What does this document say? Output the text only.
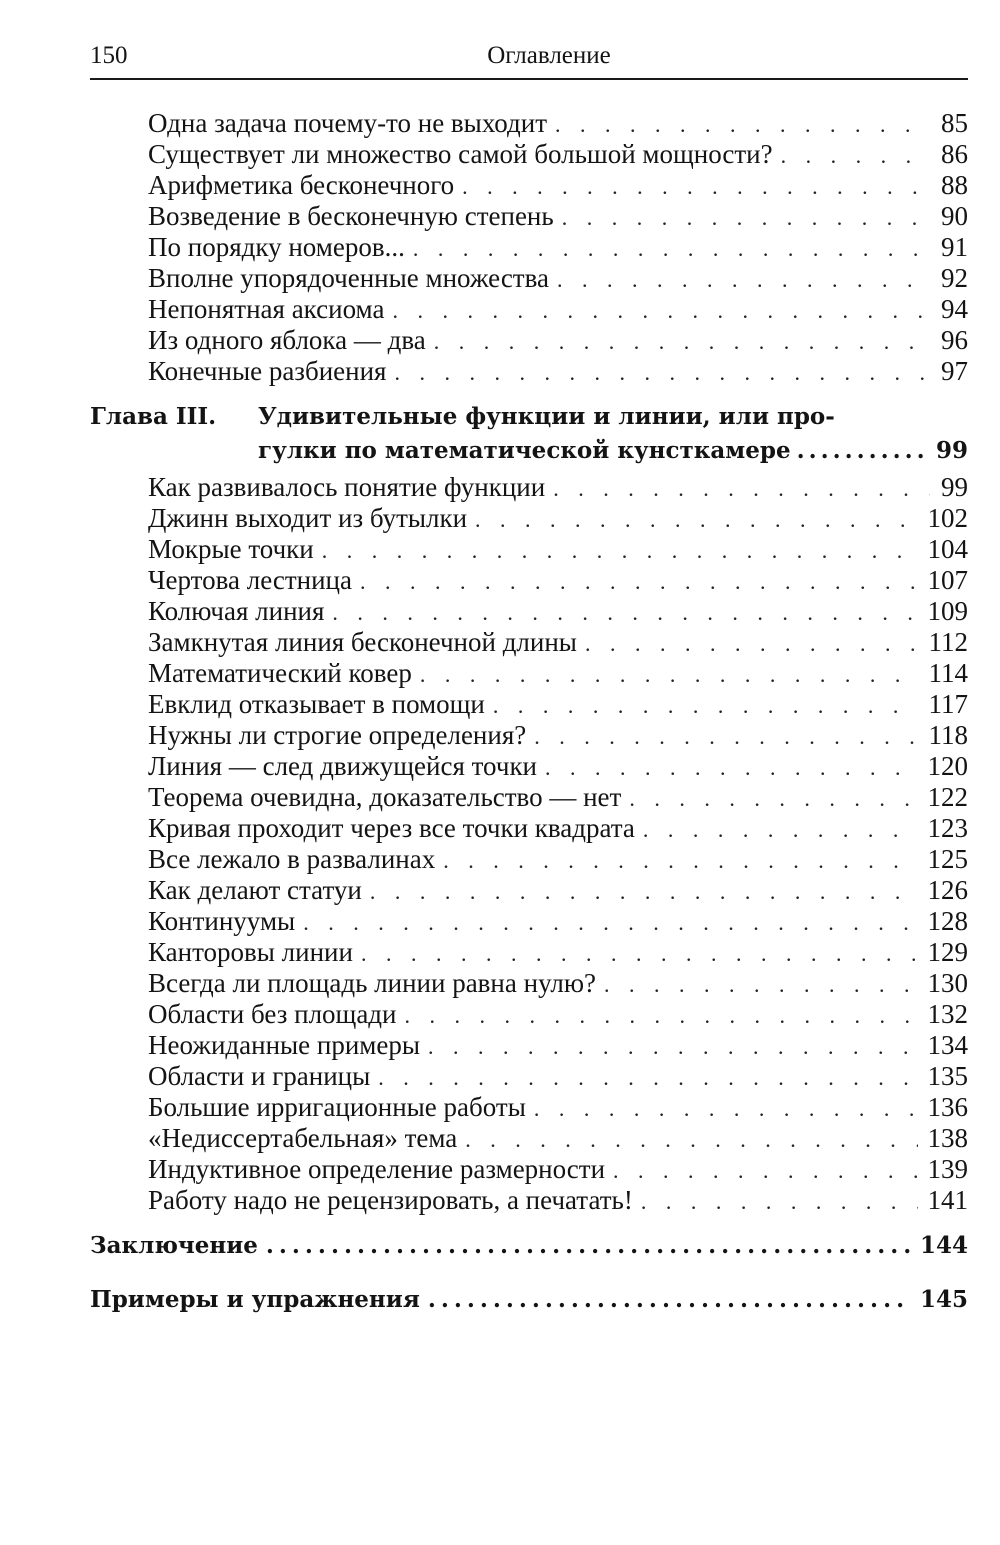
150	Оглавление
Одна задача почему-то не выходит . . .	85
Существует ли множество самой большой мощности? . . .	86
Арифметика бесконечного . . .	88
Возведение в бесконечную степень . . .	90
По порядку номеров... . . .	91
Вполне упорядоченные множества . . .	92
Непонятная аксиома . . .	94
Из одного яблока — два . . .	96
Конечные разбиения . . .	97
Глава III. Удивительные функции и линии, или про-
гулки по математической кунсткамере .....	99
Как развивалось понятие функции . . .	99
Джинн выходит из бутылки . . .	102
Мокрые точки . . .	104
Чертова лестница . . .	107
Колючая линия . . .	109
Замкнутая линия бесконечной длины . . .	112
Математический ковер . . .	114
Евклид отказывает в помощи . . .	117
Нужны ли строгие определения? . . .	118
Линия — след движущейся точки . . .	120
Теорема очевидна, доказательство — нет . . .	122
Кривая проходит через все точки квадрата . . .	123
Все лежало в развалинах . . .	125
Как делают статуи . . .	126
Континуумы . . .	128
Канторовы линии . . .	129
Всегда ли площадь линии равна нулю? . . .	130
Области без площади . . .	132
Неожиданные примеры . . .	134
Области и границы . . .	135
Большие ирригационные работы . . .	136
«Недиссертабельная» тема . . .	138
Индуктивное определение размерности . . .	139
Работу надо не рецензировать, а печатать! . . .	141
Заключение .....	144
Примеры и упражнения .....	145
